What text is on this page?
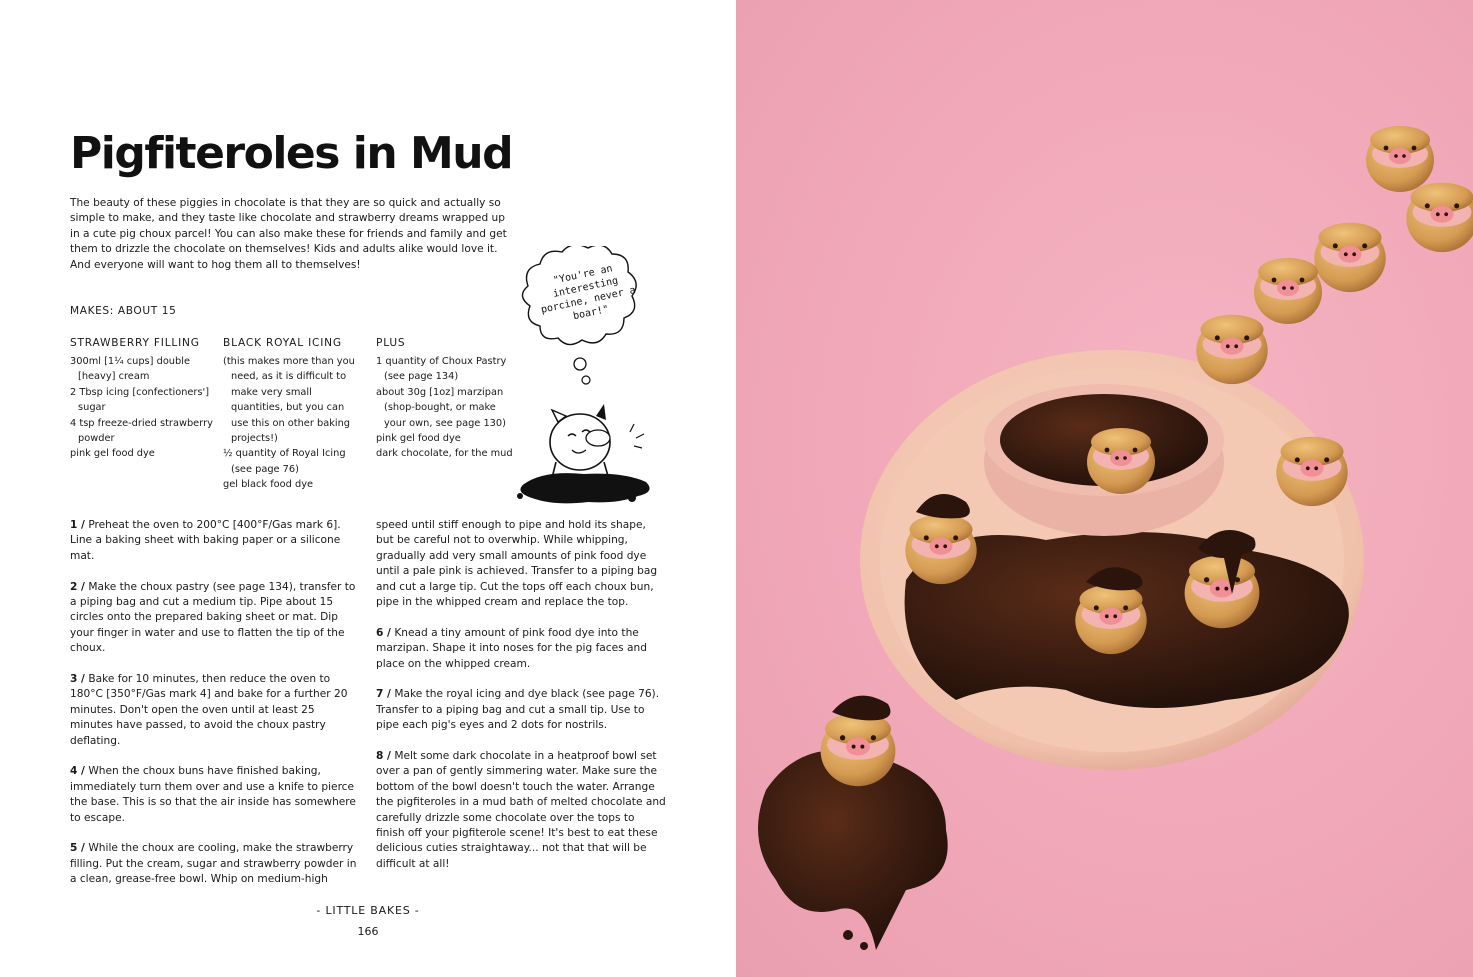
Pigfiteroles in Mud

The beauty of these piggies in chocolate is that they are so quick and actually so simple to make, and they taste like chocolate and strawberry dreams wrapped up in a cute pig choux parcel! You can also make these for friends and family and get them to drizzle the chocolate on themselves! Kids and adults alike would love it. And everyone will want to hog them all to themselves!	"You're an interesting porcine, never a boar!"

MAKES: ABOUT 15

STRAWBERRY FILLING

300ml [1¼ cups] double [heavy] cream
2 Tbsp icing [confectioners'] sugar
4 tsp freeze-dried strawberry powder
pink gel food dye

BLACK ROYAL ICING

(this makes more than you need, as it is difficult to make very small quantities, but you can use this on other baking projects!)
½ quantity of Royal Icing (see page 76)
gel black food dye

PLUS

1 quantity of Choux Pastry (see page 134)
about 30g [1oz] marzipan (shop-bought, or make your own, see page 130)
pink gel food dye
dark chocolate, for the mud

1 / Preheat the oven to 200°C [400°F/Gas mark 6]. Line a baking sheet with baking paper or a silicone mat.

2 / Make the choux pastry (see page 134), transfer to a piping bag and cut a medium tip. Pipe about 15 circles onto the prepared baking sheet or mat. Dip your finger in water and use to flatten the tip of the choux.

3 / Bake for 10 minutes, then reduce the oven to 180°C [350°F/Gas mark 4] and bake for a further 20 minutes. Don't open the oven until at least 25 minutes have passed, to avoid the choux pastry deflating.

4 / When the choux buns have finished baking, immediately turn them over and use a knife to pierce the base. This is so that the air inside has somewhere to escape.

5 / While the choux are cooling, make the strawberry filling. Put the cream, sugar and strawberry powder in a clean, grease-free bowl. Whip on medium-high

speed until stiff enough to pipe and hold its shape, but be careful not to overwhip. While whipping, gradually add very small amounts of pink food dye until a pale pink is achieved. Transfer to a piping bag and cut a large tip. Cut the tops off each choux bun, pipe in the whipped cream and replace the top.

6 / Knead a tiny amount of pink food dye into the marzipan. Shape it into noses for the pig faces and place on the whipped cream.

7 / Make the royal icing and dye black (see page 76). Transfer to a piping bag and cut a small tip. Use to pipe each pig's eyes and 2 dots for nostrils.

8 / Melt some dark chocolate in a heatproof bowl set over a pan of gently simmering water. Make sure the bottom of the bowl doesn't touch the water. Arrange the pigfiteroles in a mud bath of melted chocolate and carefully drizzle some chocolate over the tops to finish off your pigfiterole scene! It's best to eat these delicious cuties straightaway... not that that will be difficult at all!

- LITTLE BAKES -

166
